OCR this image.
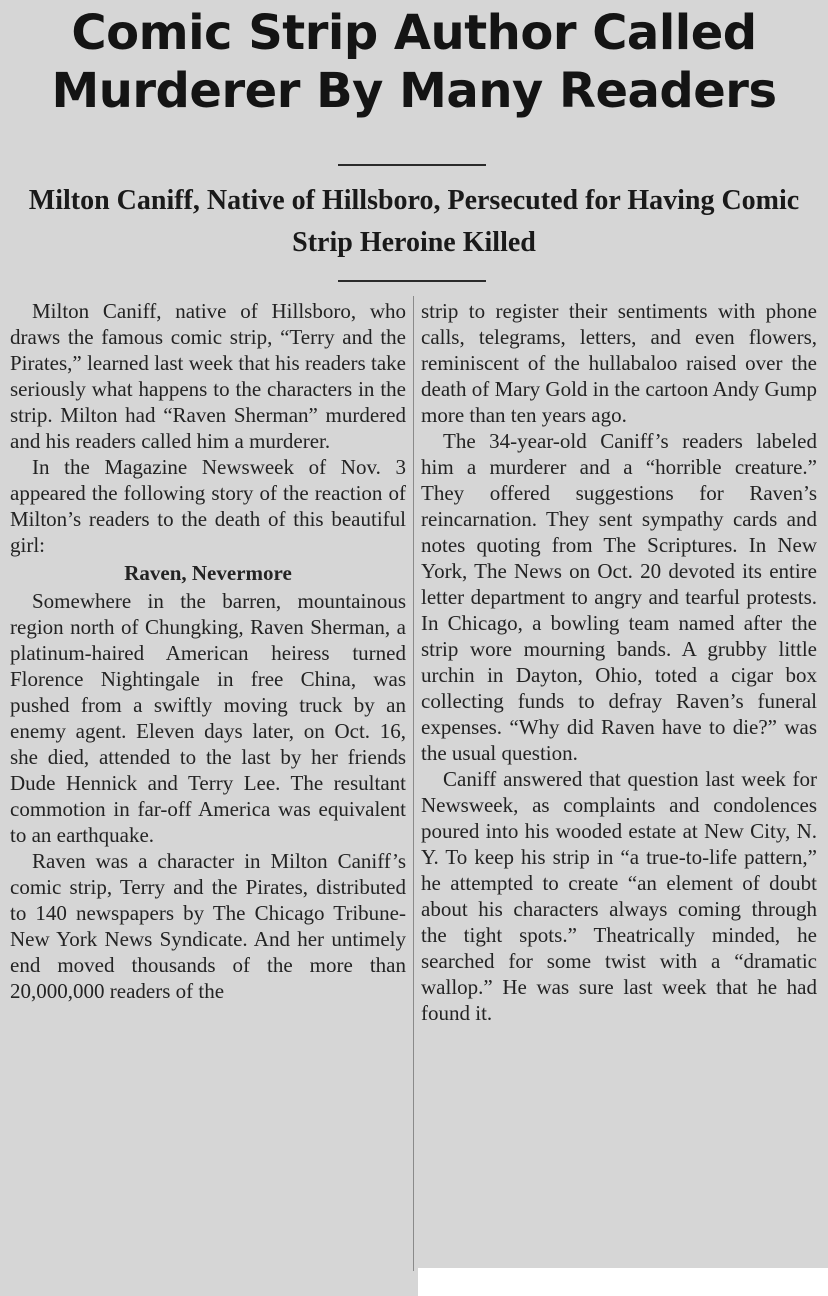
Comic Strip Author Called Murderer By Many Readers
Milton Caniff, Native of Hillsboro, Persecuted for Having Comic Strip Heroine Killed

Milton Caniff, native of Hillsboro, who draws the famous comic strip, “Terry and the Pirates,” learned last week that his readers take seriously what happens to the characters in the strip. Milton had “Raven Sherman” murdered and his readers called him a murderer.

In the Magazine Newsweek of Nov. 3 appeared the following story of the reaction of Milton’s readers to the death of this beautiful girl:

Raven, Nevermore

Somewhere in the barren, mountainous region north of Chungking, Raven Sherman, a platinum-haired American heiress turned Florence Nightingale in free China, was pushed from a swiftly moving truck by an enemy agent. Eleven days later, on Oct. 16, she died, attended to the last by her friends Dude Hennick and Terry Lee. The resultant commotion in far-off America was equivalent to an earthquake.

Raven was a character in Milton Caniff’s comic strip, Terry and the Pirates, distributed to 140 newspapers by The Chicago Tribune-New York News Syndicate. And her untimely end moved thousands of the more than 20,000,000 readers of the

strip to register their sentiments with phone calls, telegrams, letters, and even flowers, reminiscent of the hullabaloo raised over the death of Mary Gold in the cartoon Andy Gump more than ten years ago.

The 34-year-old Caniff’s readers labeled him a murderer and a “horrible creature.” They offered suggestions for Raven’s reincarnation. They sent sympathy cards and notes quoting from The Scriptures. In New York, The News on Oct. 20 devoted its entire letter department to angry and tearful protests. In Chicago, a bowling team named after the strip wore mourning bands. A grubby little urchin in Dayton, Ohio, toted a cigar box collecting funds to defray Raven’s funeral expenses. “Why did Raven have to die?” was the usual question.

Caniff answered that question last week for Newsweek, as complaints and condolences poured into his wooded estate at New City, N. Y. To keep his strip in “a true-to-life pattern,” he attempted to create “an element of doubt about his characters always coming through the tight spots.” Theatrically minded, he searched for some twist with a “dramatic wallop.” He was sure last week that he had found it.
